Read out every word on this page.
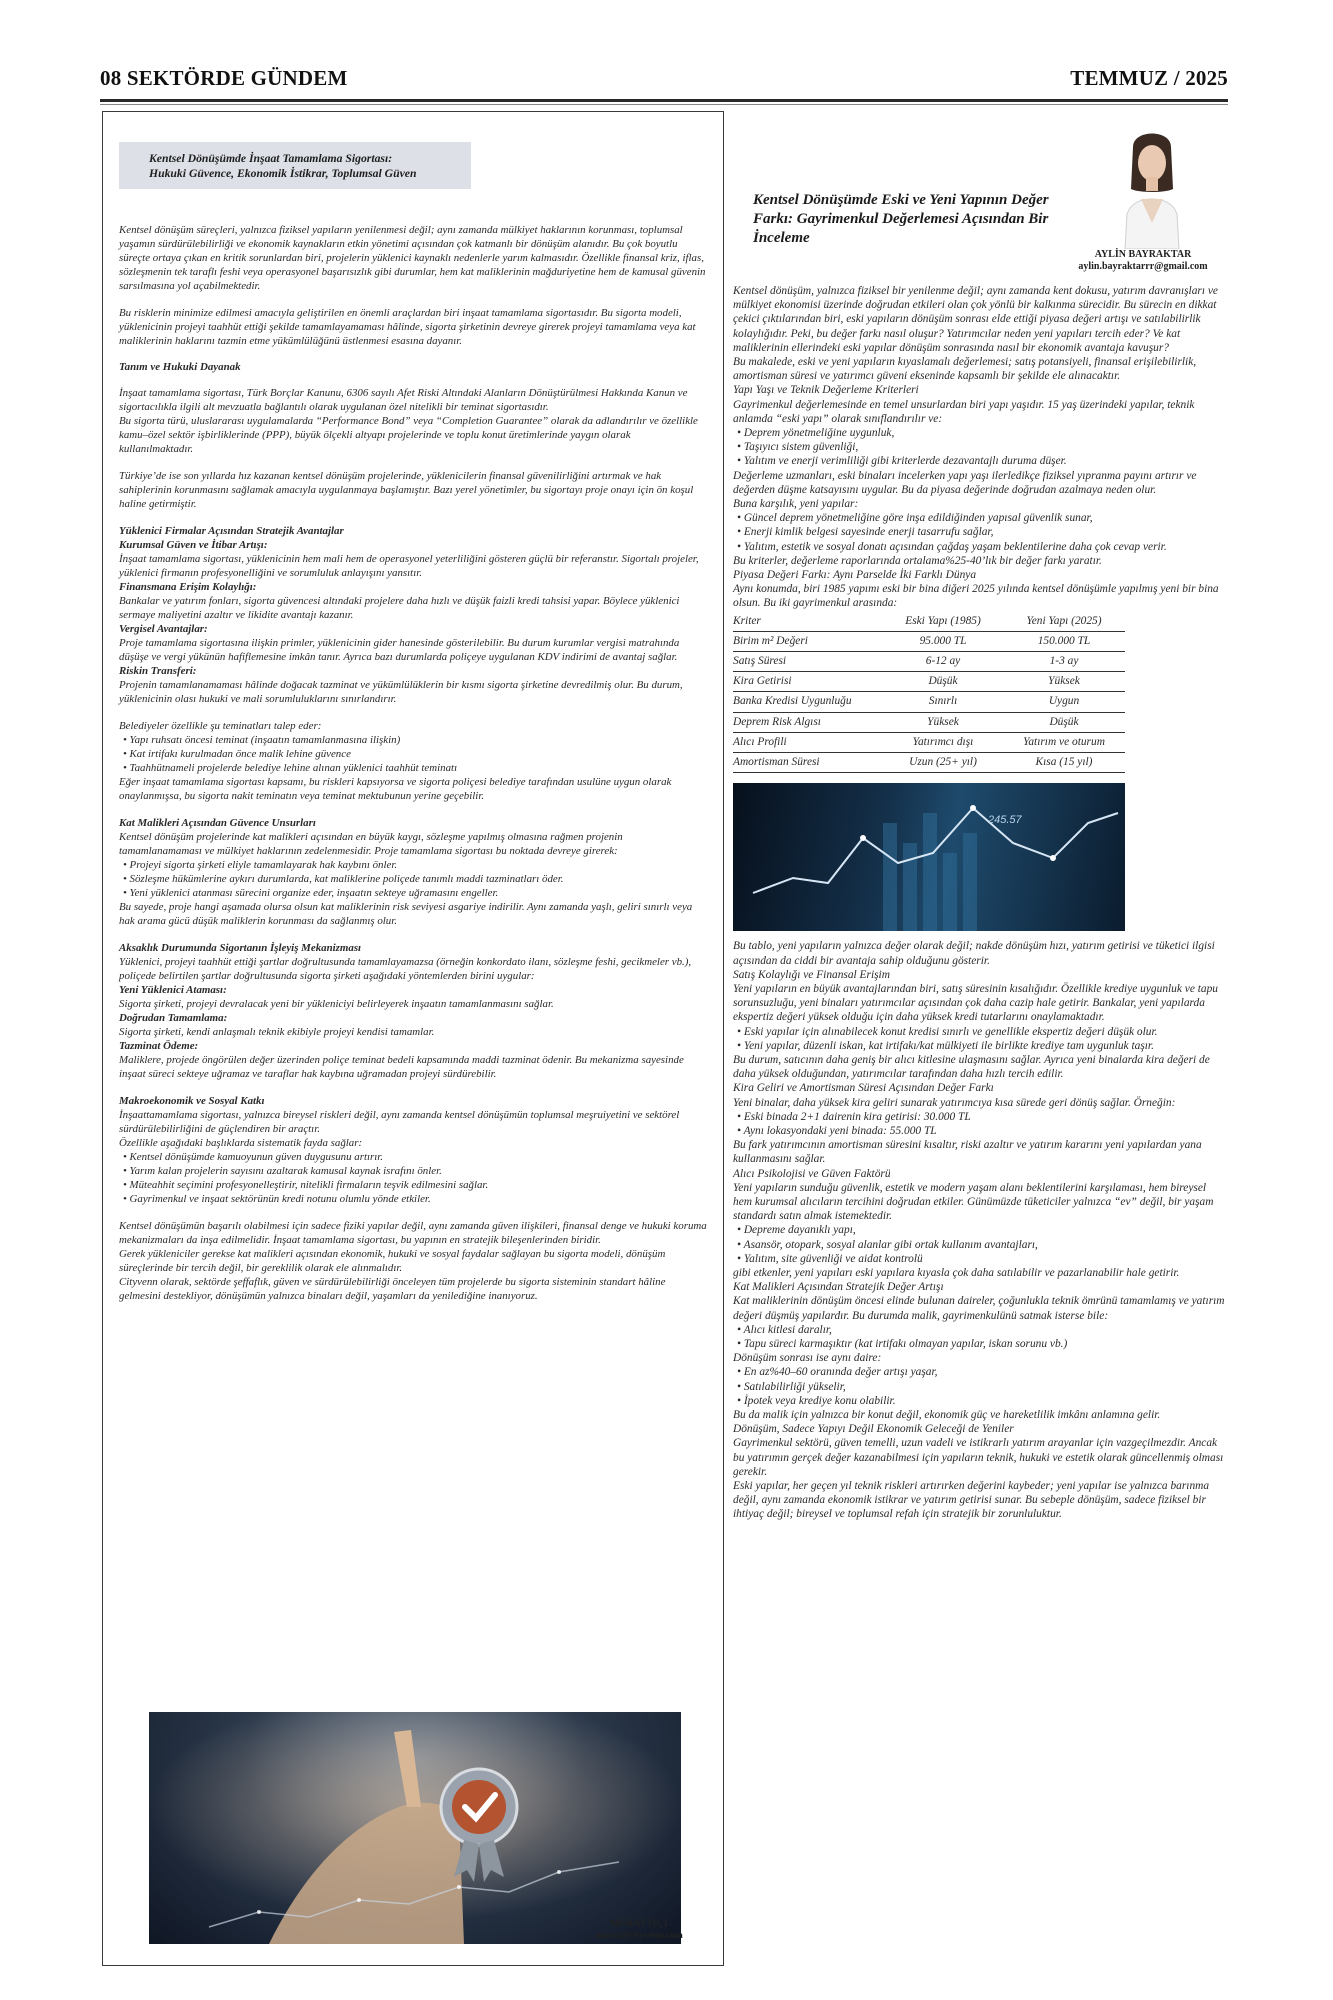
08 SEKTÖRDE GÜNDEM	TEMMUZ / 2025
Kentsel Dönüşümde İnşaat Tamamlama Sigortası:
Hukuki Güvence, Ekonomik İstikrar, Toplumsal Güven

Kentsel dönüşüm süreçleri, yalnızca fiziksel yapıların yenilenmesi değil; aynı zamanda mülkiyet haklarının korunması, toplumsal yaşamın sürdürülebilirliği ve ekonomik kaynakların etkin yönetimi açısından çok katmanlı bir dönüşüm alanıdır. Bu çok boyutlu süreçte ortaya çıkan en kritik sorunlardan biri, projelerin yüklenici kaynaklı nedenlerle yarım kalmasıdır. Özellikle finansal kriz, iflas, sözleşmenin tek taraflı feshi veya operasyonel başarısızlık gibi durumlar, hem kat maliklerinin mağduriyetine hem de kamusal güvenin sarsılmasına yol açabilmektedir.

Bu risklerin minimize edilmesi amacıyla geliştirilen en önemli araçlardan biri inşaat tamamlama sigortasıdır. Bu sigorta modeli, yüklenicinin projeyi taahhüt ettiği şekilde tamamlayamaması hâlinde, sigorta şirketinin devreye girerek projeyi tamamlama veya kat maliklerinin haklarını tazmin etme yükümlülüğünü üstlenmesi esasına dayanır.

Tanım ve Hukuki Dayanak

İnşaat tamamlama sigortası, Türk Borçlar Kanunu, 6306 sayılı Afet Riski Altındaki Alanların Dönüştürülmesi Hakkında Kanun ve sigortacılıkla ilgili alt mevzuatla bağlantılı olarak uygulanan özel nitelikli bir teminat sigortasıdır.

Bu sigorta türü, uluslararası uygulamalarda “Performance Bond” veya “Completion Guarantee” olarak da adlandırılır ve özellikle kamu–özel sektör işbirliklerinde (PPP), büyük ölçekli altyapı projelerinde ve toplu konut üretimlerinde yaygın olarak kullanılmaktadır.

Türkiye’de ise son yıllarda hız kazanan kentsel dönüşüm projelerinde, yüklenicilerin finansal güvenilirliğini artırmak ve hak sahiplerinin korunmasını sağlamak amacıyla uygulanmaya başlamıştır. Bazı yerel yönetimler, bu sigortayı proje onayı için ön koşul haline getirmiştir.

Yüklenici Firmalar Açısından Stratejik Avantajlar

Kurumsal Güven ve İtibar Artışı:

İnşaat tamamlama sigortası, yüklenicinin hem mali hem de operasyonel yeterliliğini gösteren güçlü bir referanstır. Sigortalı projeler, yüklenici firmanın profesyonelliğini ve sorumluluk anlayışını yansıtır.

Finansmana Erişim Kolaylığı:

Bankalar ve yatırım fonları, sigorta güvencesi altındaki projelere daha hızlı ve düşük faizli kredi tahsisi yapar. Böylece yüklenici sermaye maliyetini azaltır ve likidite avantajı kazanır.

Vergisel Avantajlar:

Proje tamamlama sigortasına ilişkin primler, yüklenicinin gider hanesinde gösterilebilir. Bu durum kurumlar vergisi matrahında düşüşe ve vergi yükünün hafiflemesine imkân tanır. Ayrıca bazı durumlarda poliçeye uygulanan KDV indirimi de avantaj sağlar.

Riskin Transferi:

Projenin tamamlanamaması hâlinde doğacak tazminat ve yükümlülüklerin bir kısmı sigorta şirketine devredilmiş olur. Bu durum, yüklenicinin olası hukuki ve mali sorumluluklarını sınırlandırır.

Belediyeler özellikle şu teminatları talep eder:

• Yapı ruhsatı öncesi teminat (inşaatın tamamlanmasına ilişkin)

• Kat irtifakı kurulmadan önce malik lehine güvence

• Taahhütnameli projelerde belediye lehine alınan yüklenici taahhüt teminatı

Eğer inşaat tamamlama sigortası kapsamı, bu riskleri kapsıyorsa ve sigorta poliçesi belediye tarafından usulüne uygun olarak onaylanmışsa, bu sigorta nakit teminatın veya teminat mektubunun yerine geçebilir.

Kat Malikleri Açısından Güvence Unsurları

Kentsel dönüşüm projelerinde kat malikleri açısından en büyük kaygı, sözleşme yapılmış olmasına rağmen projenin tamamlanamaması ve mülkiyet haklarının zedelenmesidir. Proje tamamlama sigortası bu noktada devreye girerek:

• Projeyi sigorta şirketi eliyle tamamlayarak hak kaybını önler.

• Sözleşme hükümlerine aykırı durumlarda, kat maliklerine poliçede tanımlı maddi tazminatları öder.

• Yeni yüklenici atanması sürecini organize eder, inşaatın sekteye uğramasını engeller.

Bu sayede, proje hangi aşamada olursa olsun kat maliklerinin risk seviyesi asgariye indirilir. Aynı zamanda yaşlı, geliri sınırlı veya hak arama gücü düşük maliklerin korunması da sağlanmış olur.

Aksaklık Durumunda Sigortanın İşleyiş Mekanizması

Yüklenici, projeyi taahhüt ettiği şartlar doğrultusunda tamamlayamazsa (örneğin konkordato ilanı, sözleşme feshi, gecikmeler vb.), poliçede belirtilen şartlar doğrultusunda sigorta şirketi aşağıdaki yöntemlerden birini uygular:

Yeni Yüklenici Ataması:

Sigorta şirketi, projeyi devralacak yeni bir yükleniciyi belirleyerek inşaatın tamamlanmasını sağlar.

Doğrudan Tamamlama:

Sigorta şirketi, kendi anlaşmalı teknik ekibiyle projeyi kendisi tamamlar.

Tazminat Ödeme:

Maliklere, projede öngörülen değer üzerinden poliçe teminat bedeli kapsamında maddi tazminat ödenir. Bu mekanizma sayesinde inşaat süreci sekteye uğramaz ve taraflar hak kaybına uğramadan projeyi sürdürebilir.

Makroekonomik ve Sosyal Katkı

İnşaattamamlama sigortası, yalnızca bireysel riskleri değil, aynı zamanda kentsel dönüşümün toplumsal meşruiyetini ve sektörel sürdürülebilirliğini de güçlendiren bir araçtır.

Özellikle aşağıdaki başlıklarda sistematik fayda sağlar:

• Kentsel dönüşümde kamuoyunun güven duygusunu artırır.

• Yarım kalan projelerin sayısını azaltarak kamusal kaynak israfını önler.

• Müteahhit seçimini profesyonelleştirir, nitelikli firmaların teşvik edilmesini sağlar.

• Gayrimenkul ve inşaat sektörünün kredi notunu olumlu yönde etkiler.

Kentsel dönüşümün başarılı olabilmesi için sadece fiziki yapılar değil, aynı zamanda güven ilişkileri, finansal denge ve hukuki koruma mekanizmaları da inşa edilmelidir. İnşaat tamamlama sigortası, bu yapının en stratejik bileşenlerinden biridir.

Gerek yükleniciler gerekse kat malikleri açısından ekonomik, hukuki ve sosyal faydalar sağlayan bu sigorta modeli, dönüşüm süreçlerinde bir tercih değil, bir gereklilik olarak ele alınmalıdır.

Cityvenn olarak, sektörde şeffaflık, güven ve sürdürülebilirliği önceleyen tüm projelerde bu sigorta sisteminin standart hâline gelmesini destekliyor, dönüşümün yalnızca binaları değil, yaşamları da yenilediğine inanıyoruz.

MURAT IŞÇI
murat@cityvenn.com
AYLİN BAYRAKTAR
aylin.bayraktarrr@gmail.com
Kentsel Dönüşümde Eski ve Yeni Yapının Değer Farkı: Gayrimenkul Değerlemesi Açısından Bir İnceleme

Kentsel dönüşüm, yalnızca fiziksel bir yenilenme değil; aynı zamanda kent dokusu, yatırım davranışları ve mülkiyet ekonomisi üzerinde doğrudan etkileri olan çok yönlü bir kalkınma sürecidir. Bu sürecin en dikkat çekici çıktılarından biri, eski yapıların dönüşüm sonrası elde ettiği piyasa değeri artışı ve satılabilirlik kolaylığıdır. Peki, bu değer farkı nasıl oluşur? Yatırımcılar neden yeni yapıları tercih eder? Ve kat maliklerinin ellerindeki eski yapılar dönüşüm sonrasında nasıl bir ekonomik avantaja kavuşur?

Bu makalede, eski ve yeni yapıların kıyaslamalı değerlemesi; satış potansiyeli, finansal erişilebilirlik, amortisman süresi ve yatırımcı güveni ekseninde kapsamlı bir şekilde ele alınacaktır.

Yapı Yaşı ve Teknik Değerleme Kriterleri

Gayrimenkul değerlemesinde en temel unsurlardan biri yapı yaşıdır. 15 yaş üzerindeki yapılar, teknik anlamda “eski yapı” olarak sınıflandırılır ve:

• Deprem yönetmeliğine uygunluk,

• Taşıyıcı sistem güvenliği,

• Yalıtım ve enerji verimliliği gibi kriterlerde dezavantajlı duruma düşer.

Değerleme uzmanları, eski binaları incelerken yapı yaşı ilerledikçe fiziksel yıpranma payını artırır ve değerden düşme katsayısını uygular. Bu da piyasa değerinde doğrudan azalmaya neden olur.

Buna karşılık, yeni yapılar:

• Güncel deprem yönetmeliğine göre inşa edildiğinden yapısal güvenlik sunar,

• Enerji kimlik belgesi sayesinde enerji tasarrufu sağlar,

• Yalıtım, estetik ve sosyal donatı açısından çağdaş yaşam beklentilerine daha çok cevap verir.

Bu kriterler, değerleme raporlarında ortalama%25-40’lık bir değer farkı yaratır.

Piyasa Değeri Farkı: Aynı Parselde İki Farklı Dünya

Aynı konumda, biri 1985 yapımı eski bir bina diğeri 2025 yılında kentsel dönüşümle yapılmış yeni bir bina olsun. Bu iki gayrimenkul arasında:

Kriter	Eski Yapı (1985)	Yeni Yapı (2025)
Birim m² Değeri	95.000 TL	150.000 TL
Satış Süresi	6-12 ay	1-3 ay
Kira Getirisi	Düşük	Yüksek
Banka Kredisi Uygunluğu	Sınırlı	Uygun
Deprem Risk Algısı	Yüksek	Düşük
Alıcı Profili	Yatırımcı dışı	Yatırım ve oturum
Amortisman Süresi	Uzun (25+ yıl)	Kısa (15 yıl)
245.57

Bu tablo, yeni yapıların yalnızca değer olarak değil; nakde dönüşüm hızı, yatırım getirisi ve tüketici ilgisi açısından da ciddi bir avantaja sahip olduğunu gösterir.

Satış Kolaylığı ve Finansal Erişim

Yeni yapıların en büyük avantajlarından biri, satış süresinin kısalığıdır. Özellikle krediye uygunluk ve tapu sorunsuzluğu, yeni binaları yatırımcılar açısından çok daha cazip hale getirir. Bankalar, yeni yapılarda ekspertiz değeri yüksek olduğu için daha yüksek kredi tutarlarını onaylamaktadır.

• Eski yapılar için alınabilecek konut kredisi sınırlı ve genellikle ekspertiz değeri düşük olur.

• Yeni yapılar, düzenli iskan, kat irtifakı/kat mülkiyeti ile birlikte krediye tam uygunluk taşır.

Bu durum, satıcının daha geniş bir alıcı kitlesine ulaşmasını sağlar. Ayrıca yeni binalarda kira değeri de daha yüksek olduğundan, yatırımcılar tarafından daha hızlı tercih edilir.

Kira Geliri ve Amortisman Süresi Açısından Değer Farkı

Yeni binalar, daha yüksek kira geliri sunarak yatırımcıya kısa sürede geri dönüş sağlar. Örneğin:

• Eski binada 2+1 dairenin kira getirisi: 30.000 TL

• Aynı lokasyondaki yeni binada: 55.000 TL

Bu fark yatırımcının amortisman süresini kısaltır, riski azaltır ve yatırım kararını yeni yapılardan yana kullanmasını sağlar.

Alıcı Psikolojisi ve Güven Faktörü

Yeni yapıların sunduğu güvenlik, estetik ve modern yaşam alanı beklentilerini karşılaması, hem bireysel hem kurumsal alıcıların tercihini doğrudan etkiler. Günümüzde tüketiciler yalnızca “ev” değil, bir yaşam standardı satın almak istemektedir.

• Depreme dayanıklı yapı,

• Asansör, otopark, sosyal alanlar gibi ortak kullanım avantajları,

• Yalıtım, site güvenliği ve aidat kontrolü

gibi etkenler, yeni yapıları eski yapılara kıyasla çok daha satılabilir ve pazarlanabilir hale getirir.

Kat Malikleri Açısından Stratejik Değer Artışı

Kat maliklerinin dönüşüm öncesi elinde bulunan daireler, çoğunlukla teknik ömrünü tamamlamış ve yatırım değeri düşmüş yapılardır. Bu durumda malik, gayrimenkulünü satmak isterse bile:

• Alıcı kitlesi daralır,

• Tapu süreci karmaşıktır (kat irtifakı olmayan yapılar, iskan sorunu vb.)

Dönüşüm sonrası ise aynı daire:

• En az%40–60 oranında değer artışı yaşar,

• Satılabilirliği yükselir,

• İpotek veya krediye konu olabilir.

Bu da malik için yalnızca bir konut değil, ekonomik güç ve hareketlilik imkânı anlamına gelir.

Dönüşüm, Sadece Yapıyı Değil Ekonomik Geleceği de Yeniler

Gayrimenkul sektörü, güven temelli, uzun vadeli ve istikrarlı yatırım arayanlar için vazgeçilmezdir. Ancak bu yatırımın gerçek değer kazanabilmesi için yapıların teknik, hukuki ve estetik olarak güncellenmiş olması gerekir.

Eski yapılar, her geçen yıl teknik riskleri artırırken değerini kaybeder; yeni yapılar ise yalnızca barınma değil, aynı zamanda ekonomik istikrar ve yatırım getirisi sunar. Bu sebeple dönüşüm, sadece fiziksel bir ihtiyaç değil; bireysel ve toplumsal refah için stratejik bir zorunluluktur.
